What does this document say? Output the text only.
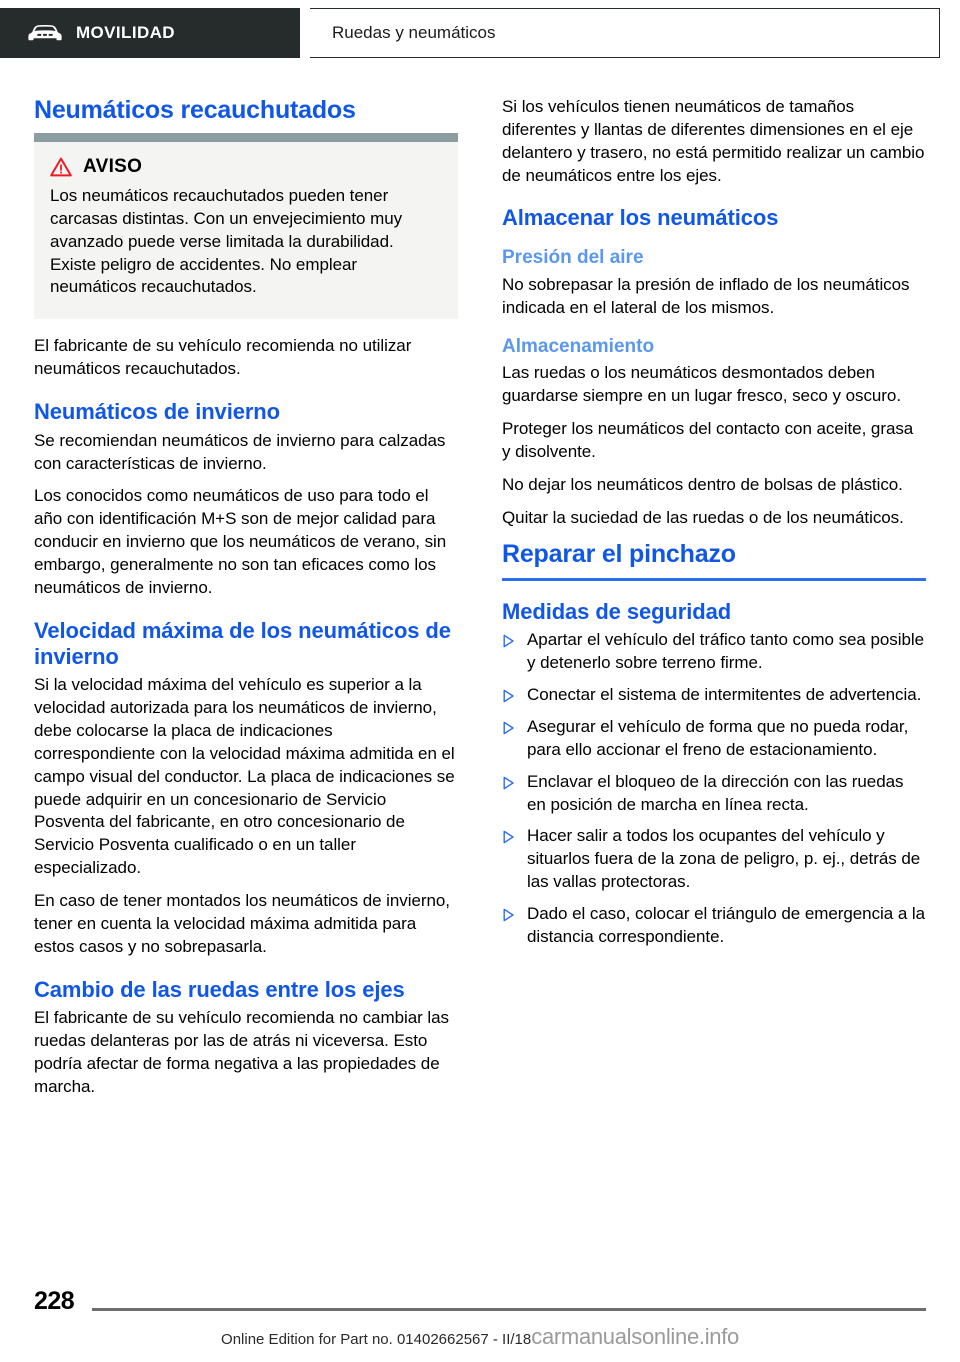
MOVILIDAD	Ruedas y neumáticos
Neumáticos recauchutados
AVISO

Los neumáticos recauchutados pueden tener carcasas distintas. Con un envejecimiento muy avanzado puede verse limitada la durabilidad. Existe peligro de accidentes. No emplear neumáticos recauchutados.

El fabricante de su vehículo recomienda no utilizar neumáticos recauchutados.

Neumáticos de invierno

Se recomiendan neumáticos de invierno para calzadas con características de invierno.

Los conocidos como neumáticos de uso para todo el año con identificación M+S son de mejor calidad para conducir en invierno que los neumáticos de verano, sin embargo, generalmente no son tan eficaces como los neumáticos de invierno.

Velocidad máxima de los neumáticos de invierno

Si la velocidad máxima del vehículo es superior a la velocidad autorizada para los neumáticos de invierno, debe colocarse la placa de indicaciones correspondiente con la velocidad máxima admitida en el campo visual del conductor. La placa de indicaciones se puede adquirir en un concesionario de Servicio Posventa del fabricante, en otro concesionario de Servicio Posventa cualificado o en un taller especializado.

En caso de tener montados los neumáticos de invierno, tener en cuenta la velocidad máxima admitida para estos casos y no sobrepasarla.

Cambio de las ruedas entre los ejes

El fabricante de su vehículo recomienda no cambiar las ruedas delanteras por las de atrás ni viceversa. Esto podría afectar de forma negativa a las propiedades de marcha.

Si los vehículos tienen neumáticos de tamaños diferentes y llantas de diferentes dimensiones en el eje delantero y trasero, no está permitido realizar un cambio de neumáticos entre los ejes.

Almacenar los neumáticos
Presión del aire

No sobrepasar la presión de inflado de los neumáticos indicada en el lateral de los mismos.

Almacenamiento

Las ruedas o los neumáticos desmontados deben guardarse siempre en un lugar fresco, seco y oscuro.

Proteger los neumáticos del contacto con aceite, grasa y disolvente.

No dejar los neumáticos dentro de bolsas de plástico.

Quitar la suciedad de las ruedas o de los neumáticos.

Reparar el pinchazo
Medidas de seguridad
Apartar el vehículo del tráfico tanto como sea posible y detenerlo sobre terreno firme.
Conectar el sistema de intermitentes de advertencia.
Asegurar el vehículo de forma que no pueda rodar, para ello accionar el freno de estacionamiento.
Enclavar el bloqueo de la dirección con las ruedas en posición de marcha en línea recta.
Hacer salir a todos los ocupantes del vehículo y situarlos fuera de la zona de peligro, p. ej., detrás de las vallas protectoras.
Dado el caso, colocar el triángulo de emergencia a la distancia correspondiente.
228
Online Edition for Part no. 01402662567 - II/18 carmanualsonline.info
